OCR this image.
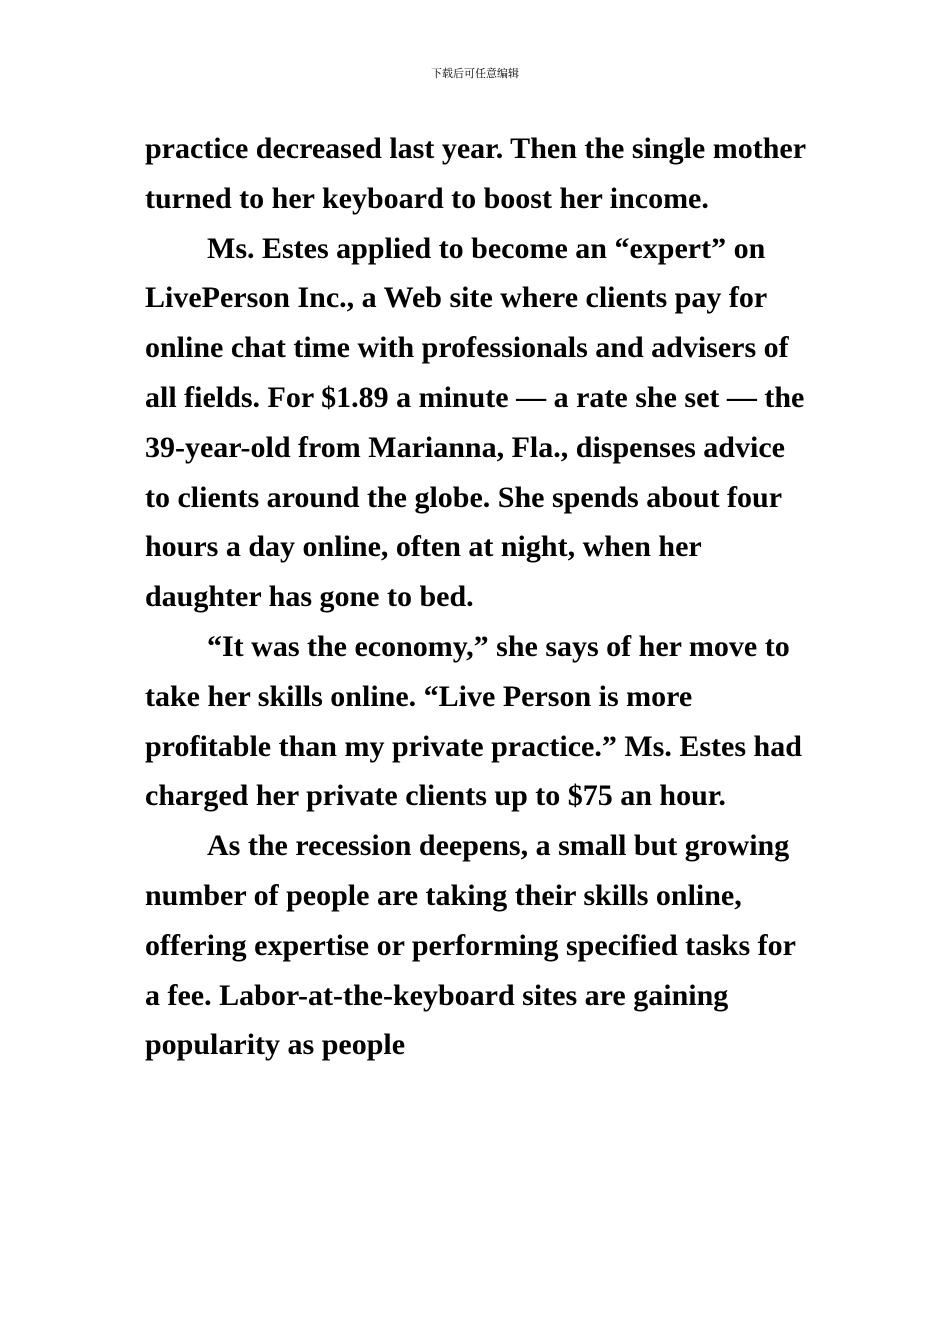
下载后可任意编辑

practice decreased last year. Then the single mother turned to her keyboard to boost her income.

Ms. Estes applied to become an “expert” on LivePerson Inc., a Web site where clients pay for online chat time with professionals and advisers of all fields. For $1.89 a minute — a rate she set — the 39-year-old from Marianna, Fla., dispenses advice to clients around the globe. She spends about four hours a day online, often at night, when her daughter has gone to bed.

“It was the economy,” she says of her move to take her skills online. “Live Person is more profitable than my private practice.” Ms. Estes had charged her private clients up to $75 an hour.

As the recession deepens, a small but growing number of people are taking their skills online, offering expertise or performing specified tasks for a fee. Labor-at-the-keyboard sites are gaining popularity as people
